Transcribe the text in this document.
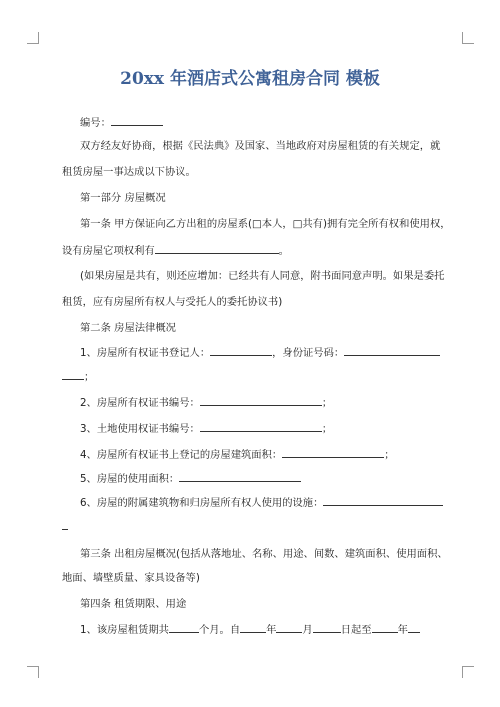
20xx 年酒店式公寓租房合同 模板
编号：
双方经友好协商，根据《民法典》及国家、当地政府对房屋租赁的有关规定，就
租赁房屋一事达成以下协议。
第一部分 房屋概况
第一条 甲方保证向乙方出租的房屋系(□本人，□共有)拥有完全所有权和使用权，
设有房屋它项权利有	。
(如果房屋是共有，则还应增加：已经共有人同意，附书面同意声明。如果是委托
租赁，应有房屋所有权人与受托人的委托协议书)
第二条 房屋法律概况
1、房屋所有权证书登记人：	，身份证号码：
；
2、房屋所有权证书编号：	；
3、土地使用权证书编号：	；
4、房屋所有权证书上登记的房屋建筑面积：	；
5、房屋的使用面积：
6、房屋的附属建筑物和归房屋所有权人使用的设施：
第三条 出租房屋概况(包括从落地址、名称、用途、间数、建筑面积、使用面积、
地面、墙壁质量、家具设备等)
第四条 租赁期限、用途
1、该房屋租赁期共	个月。自	年	月	日起至	年
